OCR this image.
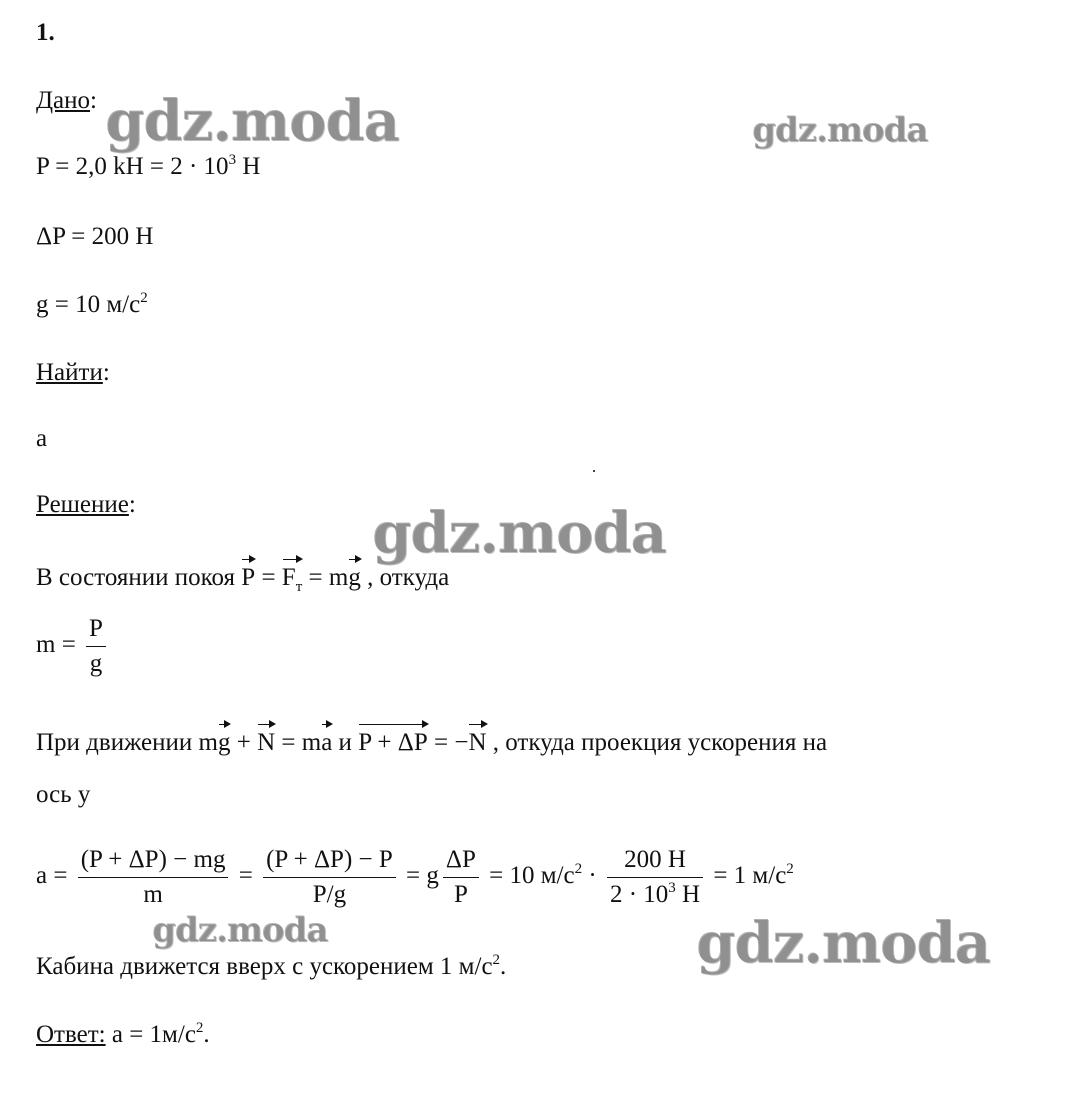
1.
Дано:
P = 2,0 kH = $2 \cdot 10^3$ H
ΔP = 200 H
g = 10 $м/с^2$
Найти:
a
Решение:
В состоянии покоя $P = F_т$ = mg , откуда
$m = \frac{P}{g}$
При движении mg + N = ma и P + ΔP = −N , откуда проекция ускорения на
ось y
$a = \frac{(P + \Delta P) - mg}{m} = \frac{(P + \Delta P) - P}{P/g} = g \frac{\Delta P}{P} = 10$ $м/с^2 \cdot \frac{200 H}{2 \cdot 10^3 H} = 1$ $м/с^2$
Кабина движется вверх с ускорением 1 $м/с^2$.
Ответ: $a = 1м/с^2$.
gdz.moda	gdz.moda
gdz.moda
gdz.moda	gdz.moda
